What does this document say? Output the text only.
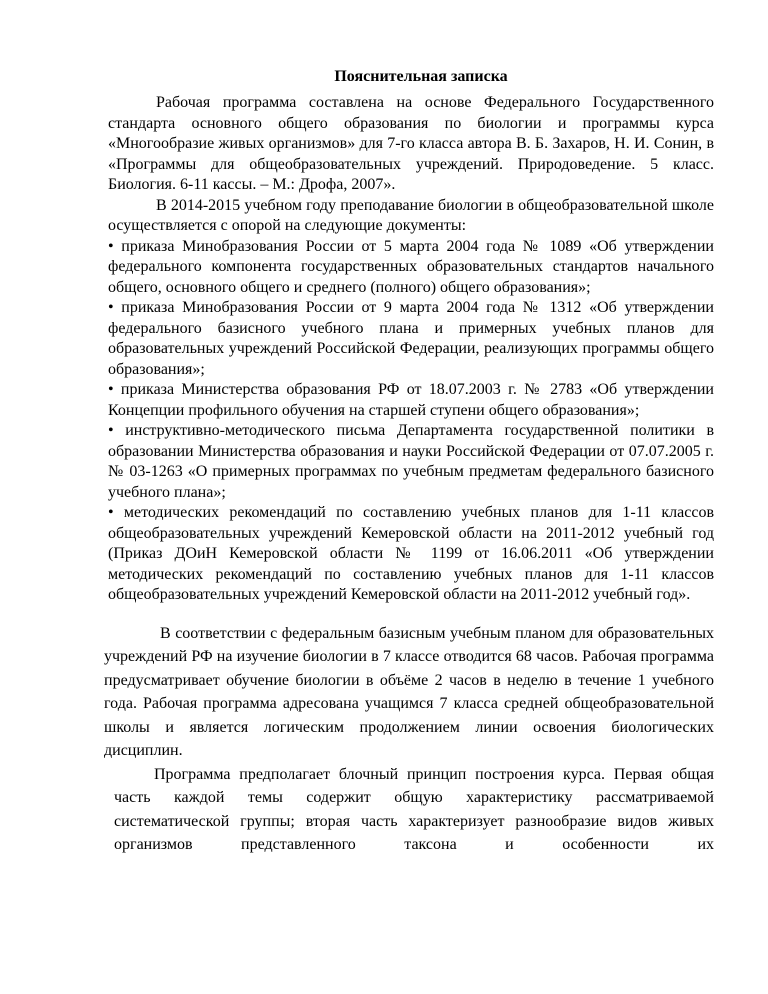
Пояснительная записка

Рабочая программа составлена на основе Федерального Государственного стандарта основного общего образования по биологии и программы курса «Многообразие живых организмов» для 7-го класса автора В. Б. Захаров, Н. И. Сонин, в «Программы для общеобразовательных учреждений. Природоведение. 5 класс. Биология. 6-11 кассы. – М.: Дрофа, 2007».

В 2014-2015 учебном году преподавание биологии в общеобразовательной школе осуществляется с опорой на следующие документы:

• приказа Минобразования России от 5 марта 2004 года № 1089 «Об утверждении федерального компонента государственных образовательных стандартов начального общего, основного общего и среднего (полного) общего образования»;

• приказа Минобразования России от 9 марта 2004 года № 1312 «Об утверждении федерального базисного учебного плана и примерных учебных планов для образовательных учреждений Российской Федерации, реализующих программы общего образования»;

• приказа Министерства образования РФ от 18.07.2003 г. № 2783 «Об утверждении Концепции профильного обучения на старшей ступени общего образования»;

• инструктивно-методического письма Департамента государственной политики в образовании Министерства образования и науки Российской Федерации от 07.07.2005 г. № 03-1263 «О примерных программах по учебным предметам федерального базисного учебного плана»;

• методических рекомендаций по составлению учебных планов для 1-11 классов общеобразовательных учреждений Кемеровской области на 2011-2012 учебный год (Приказ ДОиН Кемеровской области № 1199 от 16.06.2011 «Об утверждении методических рекомендаций по составлению учебных планов для 1-11 классов общеобразовательных учреждений Кемеровской области на 2011-2012 учебный год».

В соответствии с федеральным базисным учебным планом для образовательных учреждений РФ на изучение биологии в 7 классе отводится 68 часов. Рабочая программа предусматривает обучение биологии в объёме 2 часов в неделю в течение 1 учебного года. Рабочая программа адресована учащимся 7 класса средней общеобразовательной школы и является логическим продолжением линии освоения биологических дисциплин.

Программа предполагает блочный принцип построения курса. Первая общая часть каждой темы содержит общую характеристику рассматриваемой систематической группы; вторая часть характеризует разнообразие видов живых организмов представленного таксона и особенности их
